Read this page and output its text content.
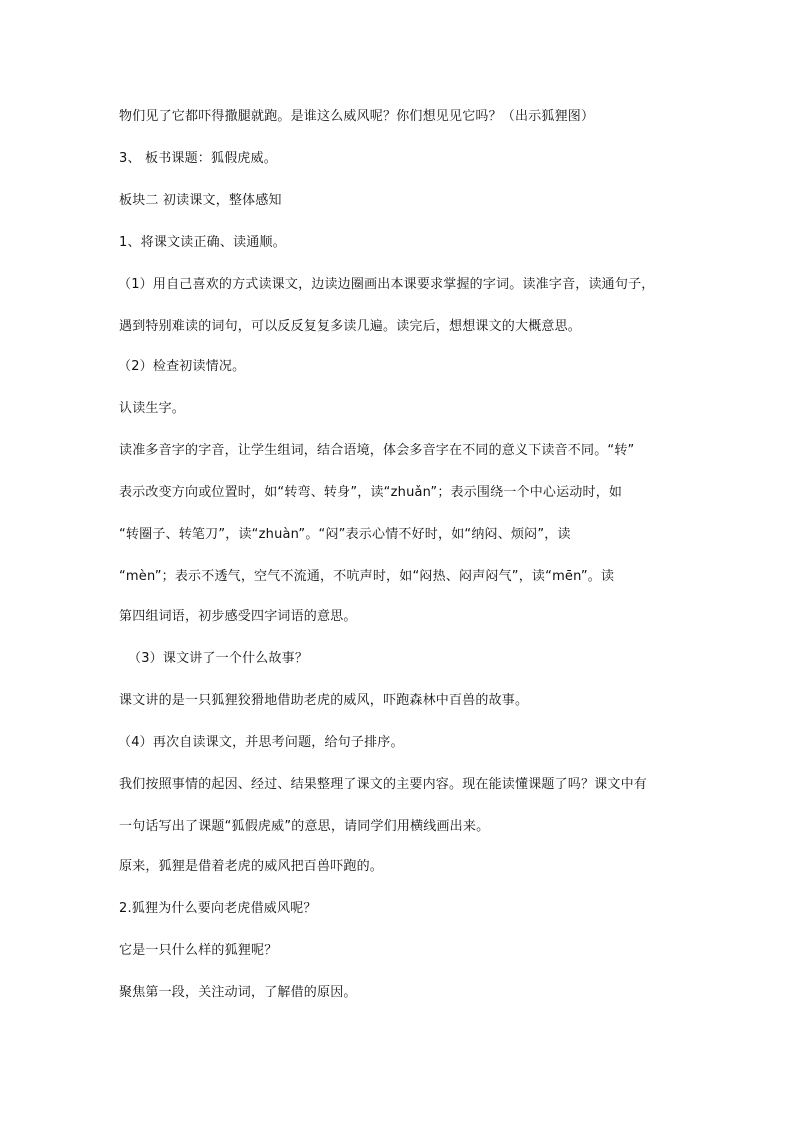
物们见了它都吓得撒腿就跑。是谁这么威风呢？你们想见见它吗？（出示狐狸图）
3、 板书课题：狐假虎威。
板块二 初读课文，整体感知
1、将课文读正确、读通顺。
（1）用自己喜欢的方式读课文，边读边圈画出本课要求掌握的字词。读准字音，读通句子，
遇到特别难读的词句，可以反反复复多读几遍。读完后，想想课文的大概意思。
（2）检查初读情况。
认读生字。
读准多音字的字音，让学生组词，结合语境，体会多音字在不同的意义下读音不同。“转”
表示改变方向或位置时，如“转弯、转身”，读“zhuǎn”；表示围绕一个中心运动时，如
“转圈子、转笔刀”，读“zhuàn”。“闷”表示心情不好时，如“纳闷、烦闷”，读
“mèn”；表示不透气，空气不流通，不吭声时，如“闷热、闷声闷气”，读“mēn”。读
第四组词语，初步感受四字词语的意思。
（3）课文讲了一个什么故事？
课文讲的是一只狐狸狡猾地借助老虎的威风，吓跑森林中百兽的故事。
（4）再次自读课文，并思考问题，给句子排序。
我们按照事情的起因、经过、结果整理了课文的主要内容。现在能读懂课题了吗？课文中有
一句话写出了课题“狐假虎威”的意思，请同学们用横线画出来。
原来，狐狸是借着老虎的威风把百兽吓跑的。
2.狐狸为什么要向老虎借威风呢？
它是一只什么样的狐狸呢？
聚焦第一段，关注动词，了解借的原因。
